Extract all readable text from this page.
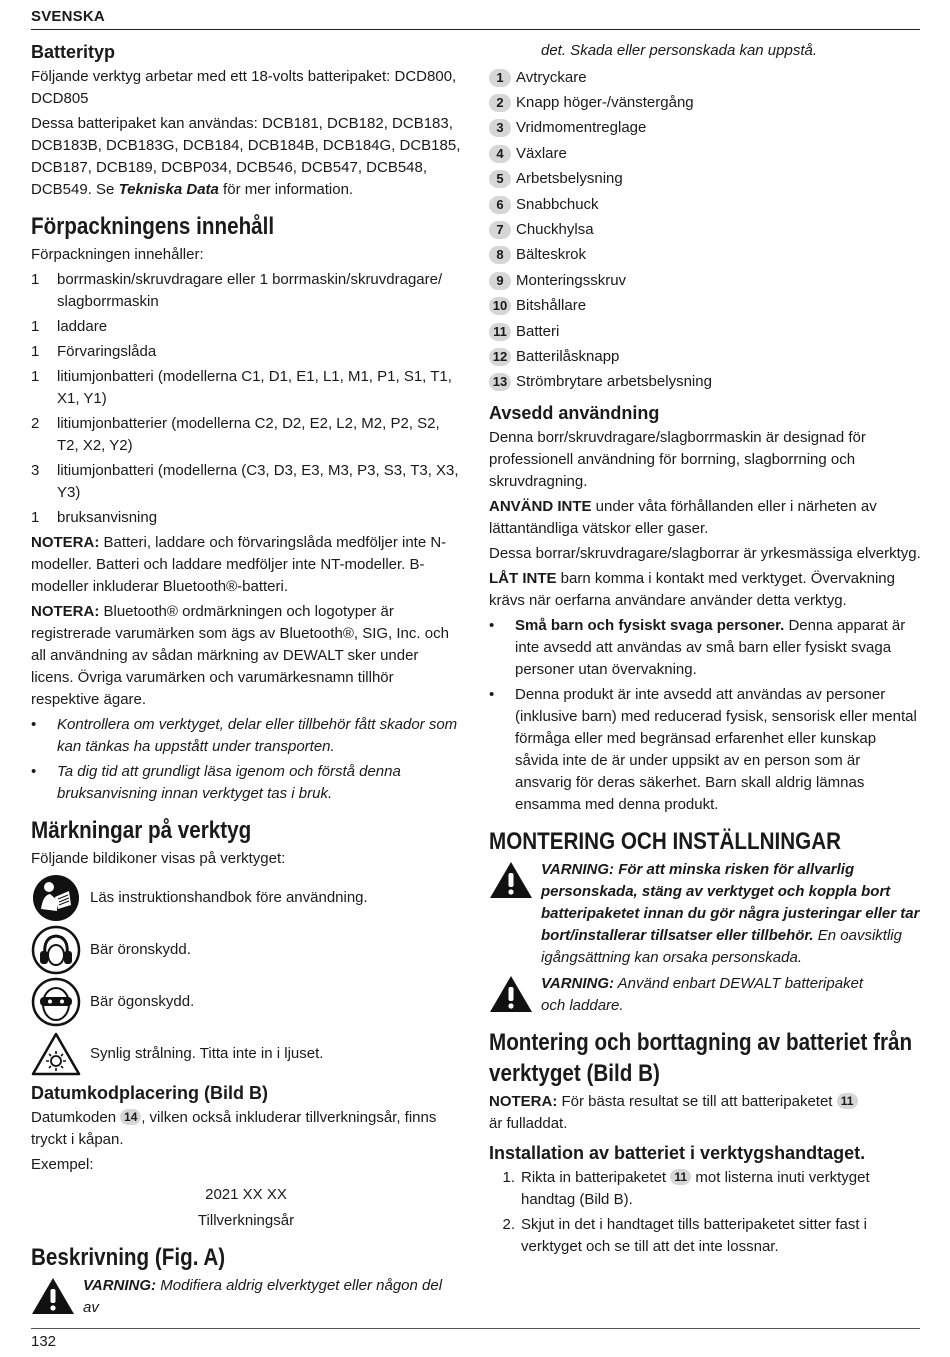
SVENSKA
Batterityp

Följande verktyg arbetar med ett 18-volts batteripaket: DCD800, DCD805

Dessa batteripaket kan användas: DCB181, DCB182, DCB183, DCB183B, DCB183G, DCB184, DCB184B, DCB184G, DCB185, DCB187, DCB189, DCBP034, DCB546, DCB547, DCB548, DCB549. Se Tekniska Data för mer information.

Förpackningens innehåll

Förpackningen innehåller:

1	borrmaskin/skruvdragare eller 1 borrmaskin/skruvdragare/ slagborrmaskin
1	laddare
1	Förvaringslåda
1	litiumjonbatteri (modellerna C1, D1, E1, L1, M1, P1, S1, T1, X1, Y1)
2	litiumjonbatterier (modellerna C2, D2, E2, L2, M2, P2, S2, T2, X2, Y2)
3	litiumjonbatteri (modellerna (C3, D3, E3, M3, P3, S3, T3, X3, Y3)
1	bruksanvisning

NOTERA: Batteri, laddare och förvaringslåda medföljer inte N-modeller. Batteri och laddare medföljer inte NT-modeller. B-modeller inkluderar Bluetooth®-batteri.

NOTERA: Bluetooth® ordmärkningen och logotyper är registrerade varumärken som ägs av Bluetooth®, SIG, Inc. och all användning av sådan märkning av DEWALT sker under licens. Övriga varumärken och varumärkesnamn tillhör respektive ägare.

•	Kontrollera om verktyget, delar eller tillbehör fått skador som kan tänkas ha uppstått under transporten.
•	Ta dig tid att grundligt läsa igenom och förstå denna bruksanvisning innan verktyget tas i bruk.
Märkningar på verktyg

Följande bildikoner visas på verktyget:

Läs instruktionshandbok före användning.
Bär öronskydd.
Bär ögonskydd.
Synlig strålning. Titta inte in i ljuset.
Datumkodplacering (Bild B)

Datumkoden 14 , vilken också inkluderar tillverkningsår, finns tryckt i kåpan.

Exempel:

2021 XX XX

Tillverkningsår

Beskrivning (Fig. A)
VARNING: Modifiera aldrig elverktyget eller någon del av

det. Skada eller personskada kan uppstå.

1 Avtryckare
2 Knapp höger-/vänstergång
3 Vridmomentreglage
4 Växlare
5 Arbetsbelysning
6 Snabbchuck
7 Chuckhylsa
8 Bälteskrok
9 Monteringsskruv
10 Bitshållare
11 Batteri
12 Batterilåsknapp
13 Strömbrytare arbetsbelysning
Avsedd användning

Denna borr/skruvdragare/slagborrmaskin är designad för professionell användning för borrning, slagborrning och skruvdragning.

ANVÄND INTE under våta förhållanden eller i närheten av lättantändliga vätskor eller gaser.

Dessa borrar/skruvdragare/slagborrar är yrkesmässiga elverktyg.

LÅT INTE barn komma i kontakt med verktyget. Övervakning krävs när oerfarna användare använder detta verktyg.

•	Små barn och fysiskt svaga personer. Denna apparat är inte avsedd att användas av små barn eller fysiskt svaga personer utan övervakning.
•	Denna produkt är inte avsedd att användas av personer (inklusive barn) med reducerad fysisk, sensorisk eller mental förmåga eller med begränsad erfarenhet eller kunskap såvida inte de är under uppsikt av en person som är ansvarig för deras säkerhet. Barn skall aldrig lämnas ensamma med denna produkt.
MONTERING OCH INSTÄLLNINGAR
VARNING: För att minska risken för allvarlig personskada, stäng av verktyget och koppla bort batteripaketet innan du gör några justeringar eller tar bort/installerar tillsatser eller tillbehör. En oavsiktlig igångsättning kan orsaka personskada.
VARNING: Använd enbart DEWALT batteripaket och laddare.
Montering och borttagning av batteriet från verktyget (Bild B)

NOTERA: För bästa resultat se till att batteripaketet 11 är fulladdat.

Installation av batteriet i verktygshandtaget.
1. Rikta in batteripaketet 11 mot listerna inuti verktyget handtag (Bild B).
2. Skjut in det i handtaget tills batteripaketet sitter fast i verktyget och se till att det inte lossnar.
132
